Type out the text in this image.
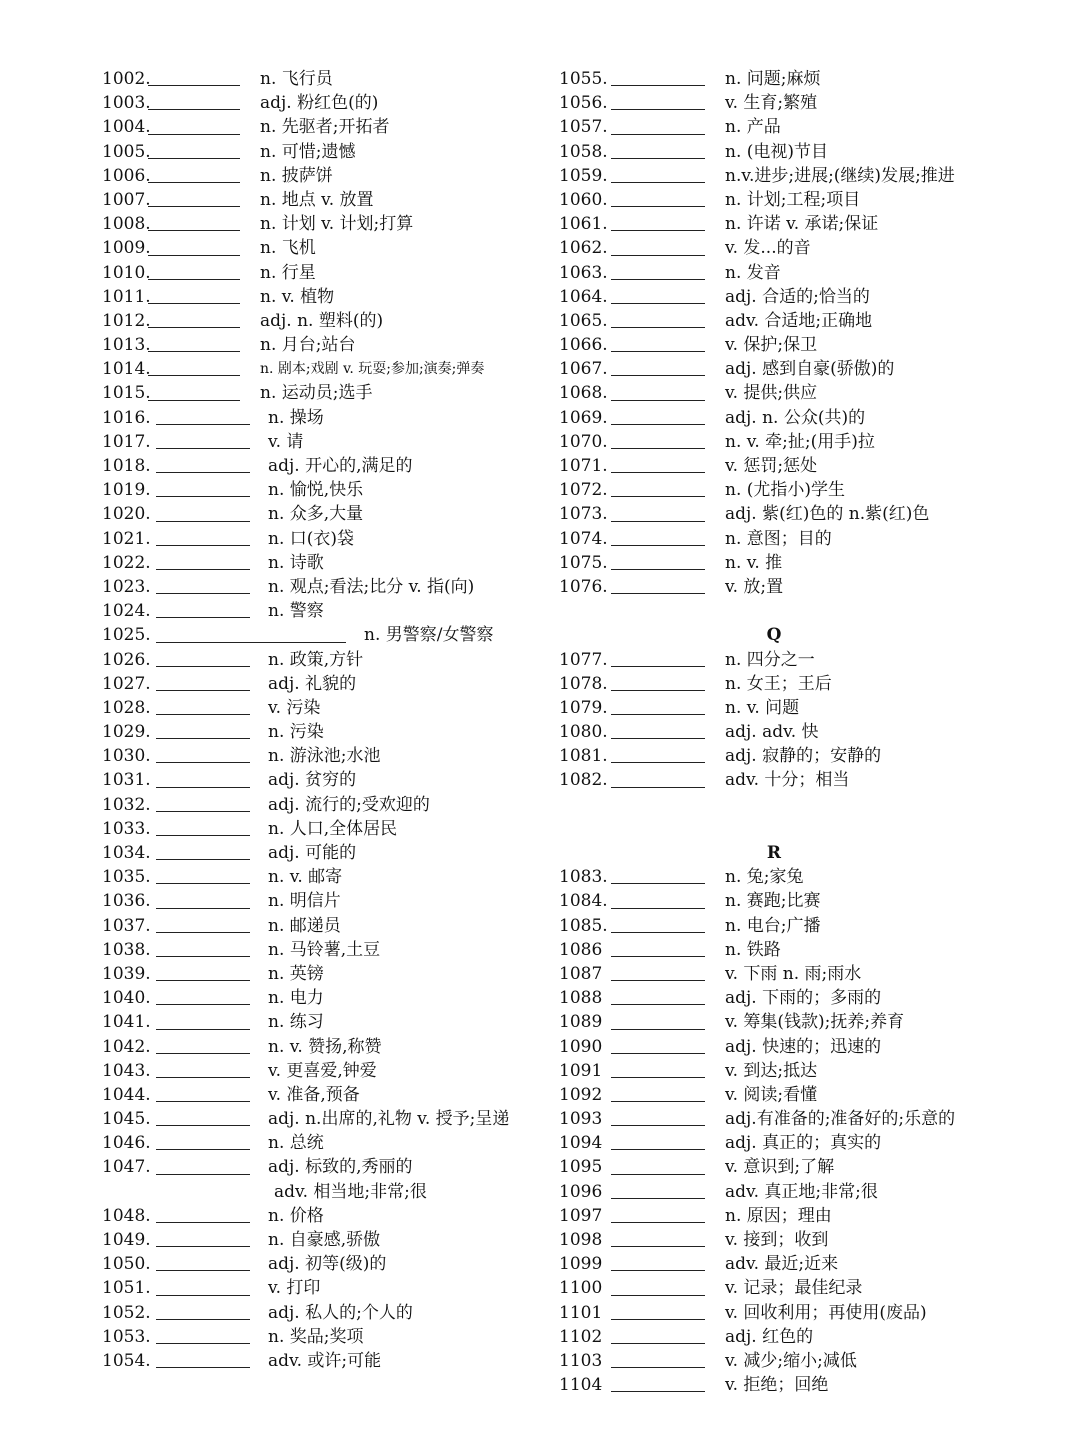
1002.	n. 飞行员
1003.	adj. 粉红色(的)
1004.	n. 先驱者;开拓者
1005.	n. 可惜;遗憾
1006.	n. 披萨饼
1007.	n. 地点 v. 放置
1008.	n. 计划 v. 计划;打算
1009.	n. 飞机
1010.	n. 行星
1011.	n. v. 植物
1012.	adj. n. 塑料(的)
1013.	n. 月台;站台
1014.	n. 剧本;戏剧 v. 玩耍;参加;演奏;弹奏
1015.	n. 运动员;选手
1016.	n. 操场
1017.	v. 请
1018.	adj. 开心的,满足的
1019.	n. 愉悦,快乐
1020.	n. 众多,大量
1021.	n. 口(衣)袋
1022.	n. 诗歌
1023.	n. 观点;看法;比分 v. 指(向)
1024.	n. 警察
1025.	n. 男警察/女警察
1026.	n. 政策,方针
1027.	adj. 礼貌的
1028.	v. 污染
1029.	n. 污染
1030.	n. 游泳池;水池
1031.	adj. 贫穷的
1032.	adj. 流行的;受欢迎的
1033.	n. 人口,全体居民
1034.	adj. 可能的
1035.	n. v. 邮寄
1036.	n. 明信片
1037.	n. 邮递员
1038.	n. 马铃薯,土豆
1039.	n. 英镑
1040.	n. 电力
1041.	n. 练习
1042.	n. v. 赞扬,称赞
1043.	v. 更喜爱,钟爱
1044.	v. 准备,预备
1045.	adj. n.出席的,礼物 v. 授予;呈递
1046.	n. 总统
1047.	adj. 标致的,秀丽的
adv. 相当地;非常;很
1048.	n. 价格
1049.	n. 自豪感,骄傲
1050.	adj. 初等(级)的
1051.	v. 打印
1052.	adj. 私人的;个人的
1053.	n. 奖品;奖项
1054.	adv. 或许;可能
1055.	n. 问题;麻烦
1056.	v. 生育;繁殖
1057.	n. 产品
1058.	n. (电视)节目
1059.	n.v.进步;进展;(继续)发展;推进
1060.	n. 计划;工程;项目
1061.	n. 许诺 v. 承诺;保证
1062.	v. 发...的音
1063.	n. 发音
1064.	adj. 合适的;恰当的
1065.	adv. 合适地;正确地
1066.	v. 保护;保卫
1067.	adj. 感到自豪(骄傲)的
1068.	v. 提供;供应
1069.	adj. n. 公众(共)的
1070.	n. v. 牵;扯;(用手)拉
1071.	v. 惩罚;惩处
1072.	n. (尤指小)学生
1073.	adj. 紫(红)色的 n.紫(红)色
1074.	n. 意图；目的
1075.	n. v. 推
1076.	v. 放;置
Q
1077.	n. 四分之一
1078.	n. 女王；王后
1079.	n. v. 问题
1080.	adj. adv. 快
1081.	adj. 寂静的；安静的
1082.	adv. 十分；相当
R
1083.	n. 兔;家兔
1084.	n. 赛跑;比赛
1085.	n. 电台;广播
1086	n. 铁路
1087	v. 下雨 n. 雨;雨水
1088	adj. 下雨的；多雨的
1089	v. 筹集(钱款);抚养;养育
1090	adj. 快速的；迅速的
1091	v. 到达;抵达
1092	v. 阅读;看懂
1093	adj.有准备的;准备好的;乐意的
1094	adj. 真正的；真实的
1095	v. 意识到;了解
1096	adv. 真正地;非常;很
1097	n. 原因；理由
1098	v. 接到；收到
1099	adv. 最近;近来
1100	v. 记录；最佳纪录
1101	v. 回收利用；再使用(废品)
1102	adj. 红色的
1103	v. 减少;缩小;减低
1104	v. 拒绝；回绝
